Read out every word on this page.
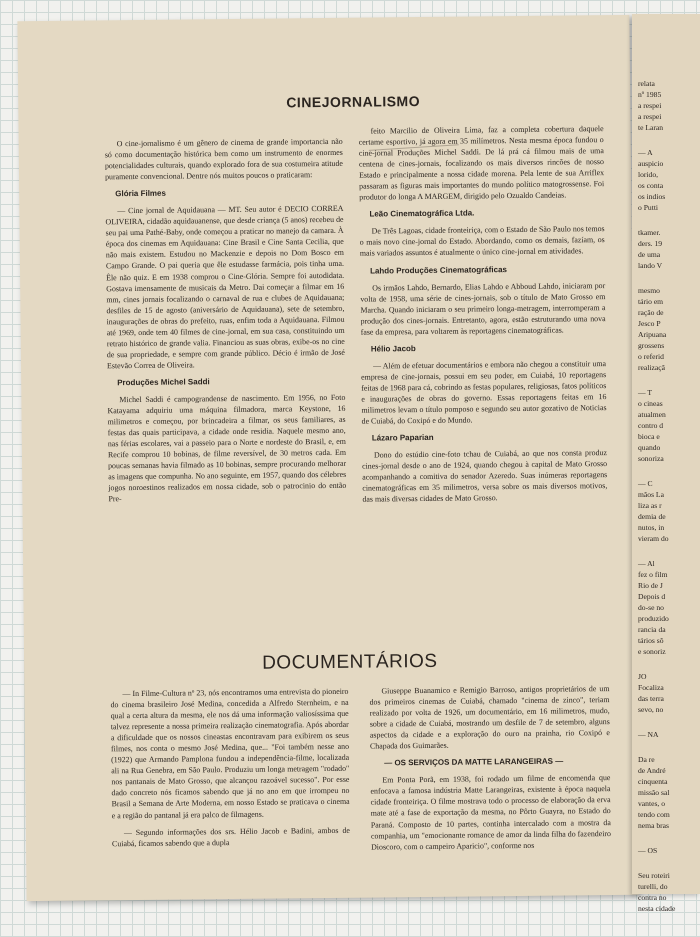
CINEJORNALISMO

O cine-jornalismo é um gênero de cinema de grande importancia não só como documentação histórica bem como um instrumento de enormes potencialidades culturais, quando explorado fora de sua costumeira atitude puramente convencional. Dentre nós muitos poucos o praticaram:

Glória Filmes

— Cine jornal de Aquidauana — MT. Seu autor é DECIO CORREA OLIVEIRA, cidadão aquidauanense, que desde criança (5 anos) recebeu de seu pai uma Pathé-Baby, onde começou a praticar no manejo da camara. À época dos cinemas em Aquidauana: Cine Brasil e Cine Santa Cecilia, que não mais existem. Estudou no Mackenzie e depois no Dom Bosco em Campo Grande. O pai queria que êle estudasse farmácia, pois tinha uma. Êle não quiz. E em 1938 comprou o Cine-Glória. Sempre foi autodidata. Gostava imensamente de musicais da Metro. Dai começar a filmar em 16 mm, cines jornais focalizando o carnaval de rua e clubes de Aquidauana; desfiles de 15 de agosto (aniversário de Aquidauana), sete de setembro, inaugurações de obras do prefeito, ruas, enfim toda a Aquidauana. Filmou até 1969, onde tem 40 filmes de cine-jornal, em sua casa, constituindo um retrato histórico de grande valia. Financiou as suas obras, exibe-os no cine de sua propriedade, e sempre com grande público. Décio é irmão de José Estevão Correa de Oliveira.

Produções Michel Saddi

Michel Saddi é campograndense de nascimento. Em 1956, no Foto Katayama adquiriu uma máquina filmadora, marca Keystone, 16 milimetros e começou, por brincadeira a filmar, os seus familiares, as festas das quais participava, a cidade onde residia. Naquele mesmo ano, nas férias escolares, vai a passeio para o Norte e nordeste do Brasil, e, em Recife comprou 10 bobinas, de filme reversível, de 30 metros cada. Em poucas semanas havia filmado as 10 bobinas, sempre procurando melhorar as imagens que compunha. No ano seguinte, em 1957, quando dos célebres jogos noroestinos realizados em nossa cidade, sob o patrocinio do então Pre-

feito Marcilio de Oliveira Lima, faz a completa cobertura daquele certame esportivo, já agora em 35 milímetros. Nesta mesma época fundou o cine-jornal Produções Michel Saddi. De lá prá cá filmou mais de uma centena de cines-jornais, focalizando os mais diversos rincões de nosso Estado e principalmente a nossa cidade morena. Pela lente de sua Arriflex passaram as figuras mais importantes do mundo político matogrossense. Foi produtor do longa A MARGEM, dirigido pelo Ozualdo Candeias.

Leão Cinematográfica Ltda.

De Três Lagoas, cidade fronteiriça, com o Estado de São Paulo nos temos o mais novo cine-jornal do Estado. Abordando, como os demais, fazíam, os mais variados assuntos é atualmente o único cine-jornal em atividades.

Lahdo Produções Cinematográficas

Os irmãos Lahdo, Bernardo, Elias Lahdo e Abboud Lahdo, iniciaram por volta de 1958, uma série de cines-jornais, sob o título de Mato Grosso em Marcha. Quando iniciaram o seu primeiro longa-metragem, interromperam a produção dos cines-jornais. Entretanto, agora, estão estruturando uma nova fase da empresa, para voltarem às reportagens cinematográficas.

Hélio Jacob

— Além de efetuar documentários e embora não chegou a constituir uma empresa de cine-jornais, possui em seu poder, em Cuiabá, 10 reportagens feitas de 1968 para cá, cobrindo as festas populares, religiosas, fatos políticos e inaugurações de obras do governo. Essas reportagens feitas em 16 milimetros levam o título pomposo e segundo seu autor gozativo de Noticias de Cuiabá, do Coxipó e do Mundo.

Lázaro Paparian

Dono do estúdio cine-foto tchau de Cuiabá, ao que nos consta produz cines-jornal desde o ano de 1924, quando chegou à capital de Mato Grosso acompanhando a comitiva do senador Azeredo. Suas inúmeras reportagens cinematográficas em 35 milimetros, versa sobre os mais diversos motivos, das mais diversas cidades de Mato Grosso.

DOCUMENTÁRIOS

— In Filme-Cultura nº 23, nós encontramos uma entrevista do pioneiro do cinema brasileiro José Medina, concedida a Alfredo Sternheim, e na qual a certa altura da mesma, ele nos dá uma informação valiosíssima que talvez represente a nossa primeira realização cinematografia. Após abordar a dificuldade que os nossos cineastas encontravam para exibirem os seus filmes, nos conta o mesmo José Medina, que... "Foi também nesse ano (1922) que Armando Pamplona fundou a independência-filme, localizada ali na Rua Genebra, em São Paulo. Produziu um longa metragem "rodado" nos pantanais de Mato Grosso, que alcançou razoável sucesso". Por esse dado concreto nós ficamos sabendo que já no ano em que irrompeu no Brasil a Semana de Arte Moderna, em nosso Estado se praticava o cinema e a região do pantanal já era palco de filmagens.

— Segundo informações dos srs. Hélio Jacob e Badini, ambos de Cuiabá, ficamos sabendo que a dupla

Giuseppe Buanamico e Remigio Barroso, antigos proprietários de um dos primeiros cinemas de Cuiabá, chamado "cinema de zinco", teriam realizado por volta de 1926, um documentário, em 16 milimetros, mudo, sobre a cidade de Cuiabá, mostrando um desfile de 7 de setembro, alguns aspectos da cidade e a exploração do ouro na prainha, rio Coxipó e Chapada dos Guimarães.

— OS SERVIÇOS DA MATTE LARANGEIRAS —

Em Ponta Porã, em 1938, foi rodado um filme de encomenda que enfocava a famosa indústria Matte Larangeiras, existente à época naquela cidade fronteiriça. O filme mostrava todo o processo de elaboração da erva mate até a fase de exportação da mesma, no Pôrto Guayra, no Estado do Paraná. Composto de 10 partes, continha intercalado com a mostra da companhia, um "emocionante romance de amor da linda filha do fazendeiro Dioscoro, com o campeiro Aparicio", conforme nos

relata
nº 1985
a respei
a respei
te Laran
— A
auspicio
lorido,
os conta
os indios
o Putti
tkamer.
ders. 19
de uma
lando V
mesmo
tário em
ração de
Jesco P
Aripuana
grossens
o referid
realizaçã
— T
o cineas
atualmen
contro d
bioca e
quando
sonoriza
— C
mãos La
liza as r
demia de
nutos, in
vieram do
— Al
fez o film
Rio de J
Depois d
do-se no
produzido
rancia da
tários sõ
e sonoriz
JO
Focaliza
das terra
sevo, no
— NA
Da re
de André
cinquenta
missão sal
vantes, o
tendo com
nema bras
— OS
Seu roteiri
turelli, do
contra no
nesta cidade
